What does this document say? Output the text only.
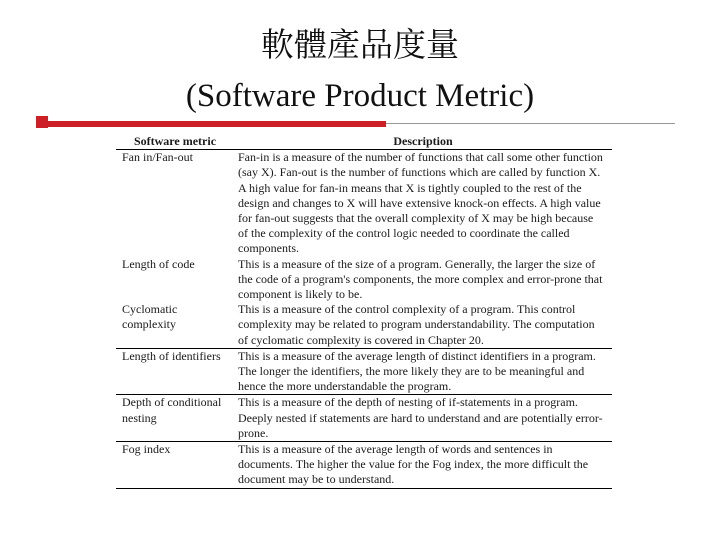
軟體產品度量
(Software Product Metric)
Software metric	Description
Fan in/Fan-out	Fan-in is a measure of the number of functions that call some other function (say X). Fan-out is the number of functions which are called by function X. A high value for fan-in means that X is tightly coupled to the rest of the design and changes to X will have extensive knock-on effects. A high value for fan-out suggests that the overall complexity of X may be high because of the complexity of the control logic needed to coordinate the called components.
Length of code	This is a measure of the size of a program. Generally, the larger the size of the code of a program's components, the more complex and error-prone that component is likely to be.
Cyclomatic complexity	This is a measure of the control complexity of a program. This control complexity may be related to program understandability. The computation of cyclomatic complexity is covered in Chapter 20.
Length of identifiers	This is a measure of the average length of distinct identifiers in a program. The longer the identifiers, the more likely they are to be meaningful and hence the more understandable the program.
Depth of conditional nesting	This is a measure of the depth of nesting of if-statements in a program. Deeply nested if statements are hard to understand and are potentially error-prone.
Fog index	This is a measure of the average length of words and sentences in documents. The higher the value for the Fog index, the more difficult the document may be to understand.
